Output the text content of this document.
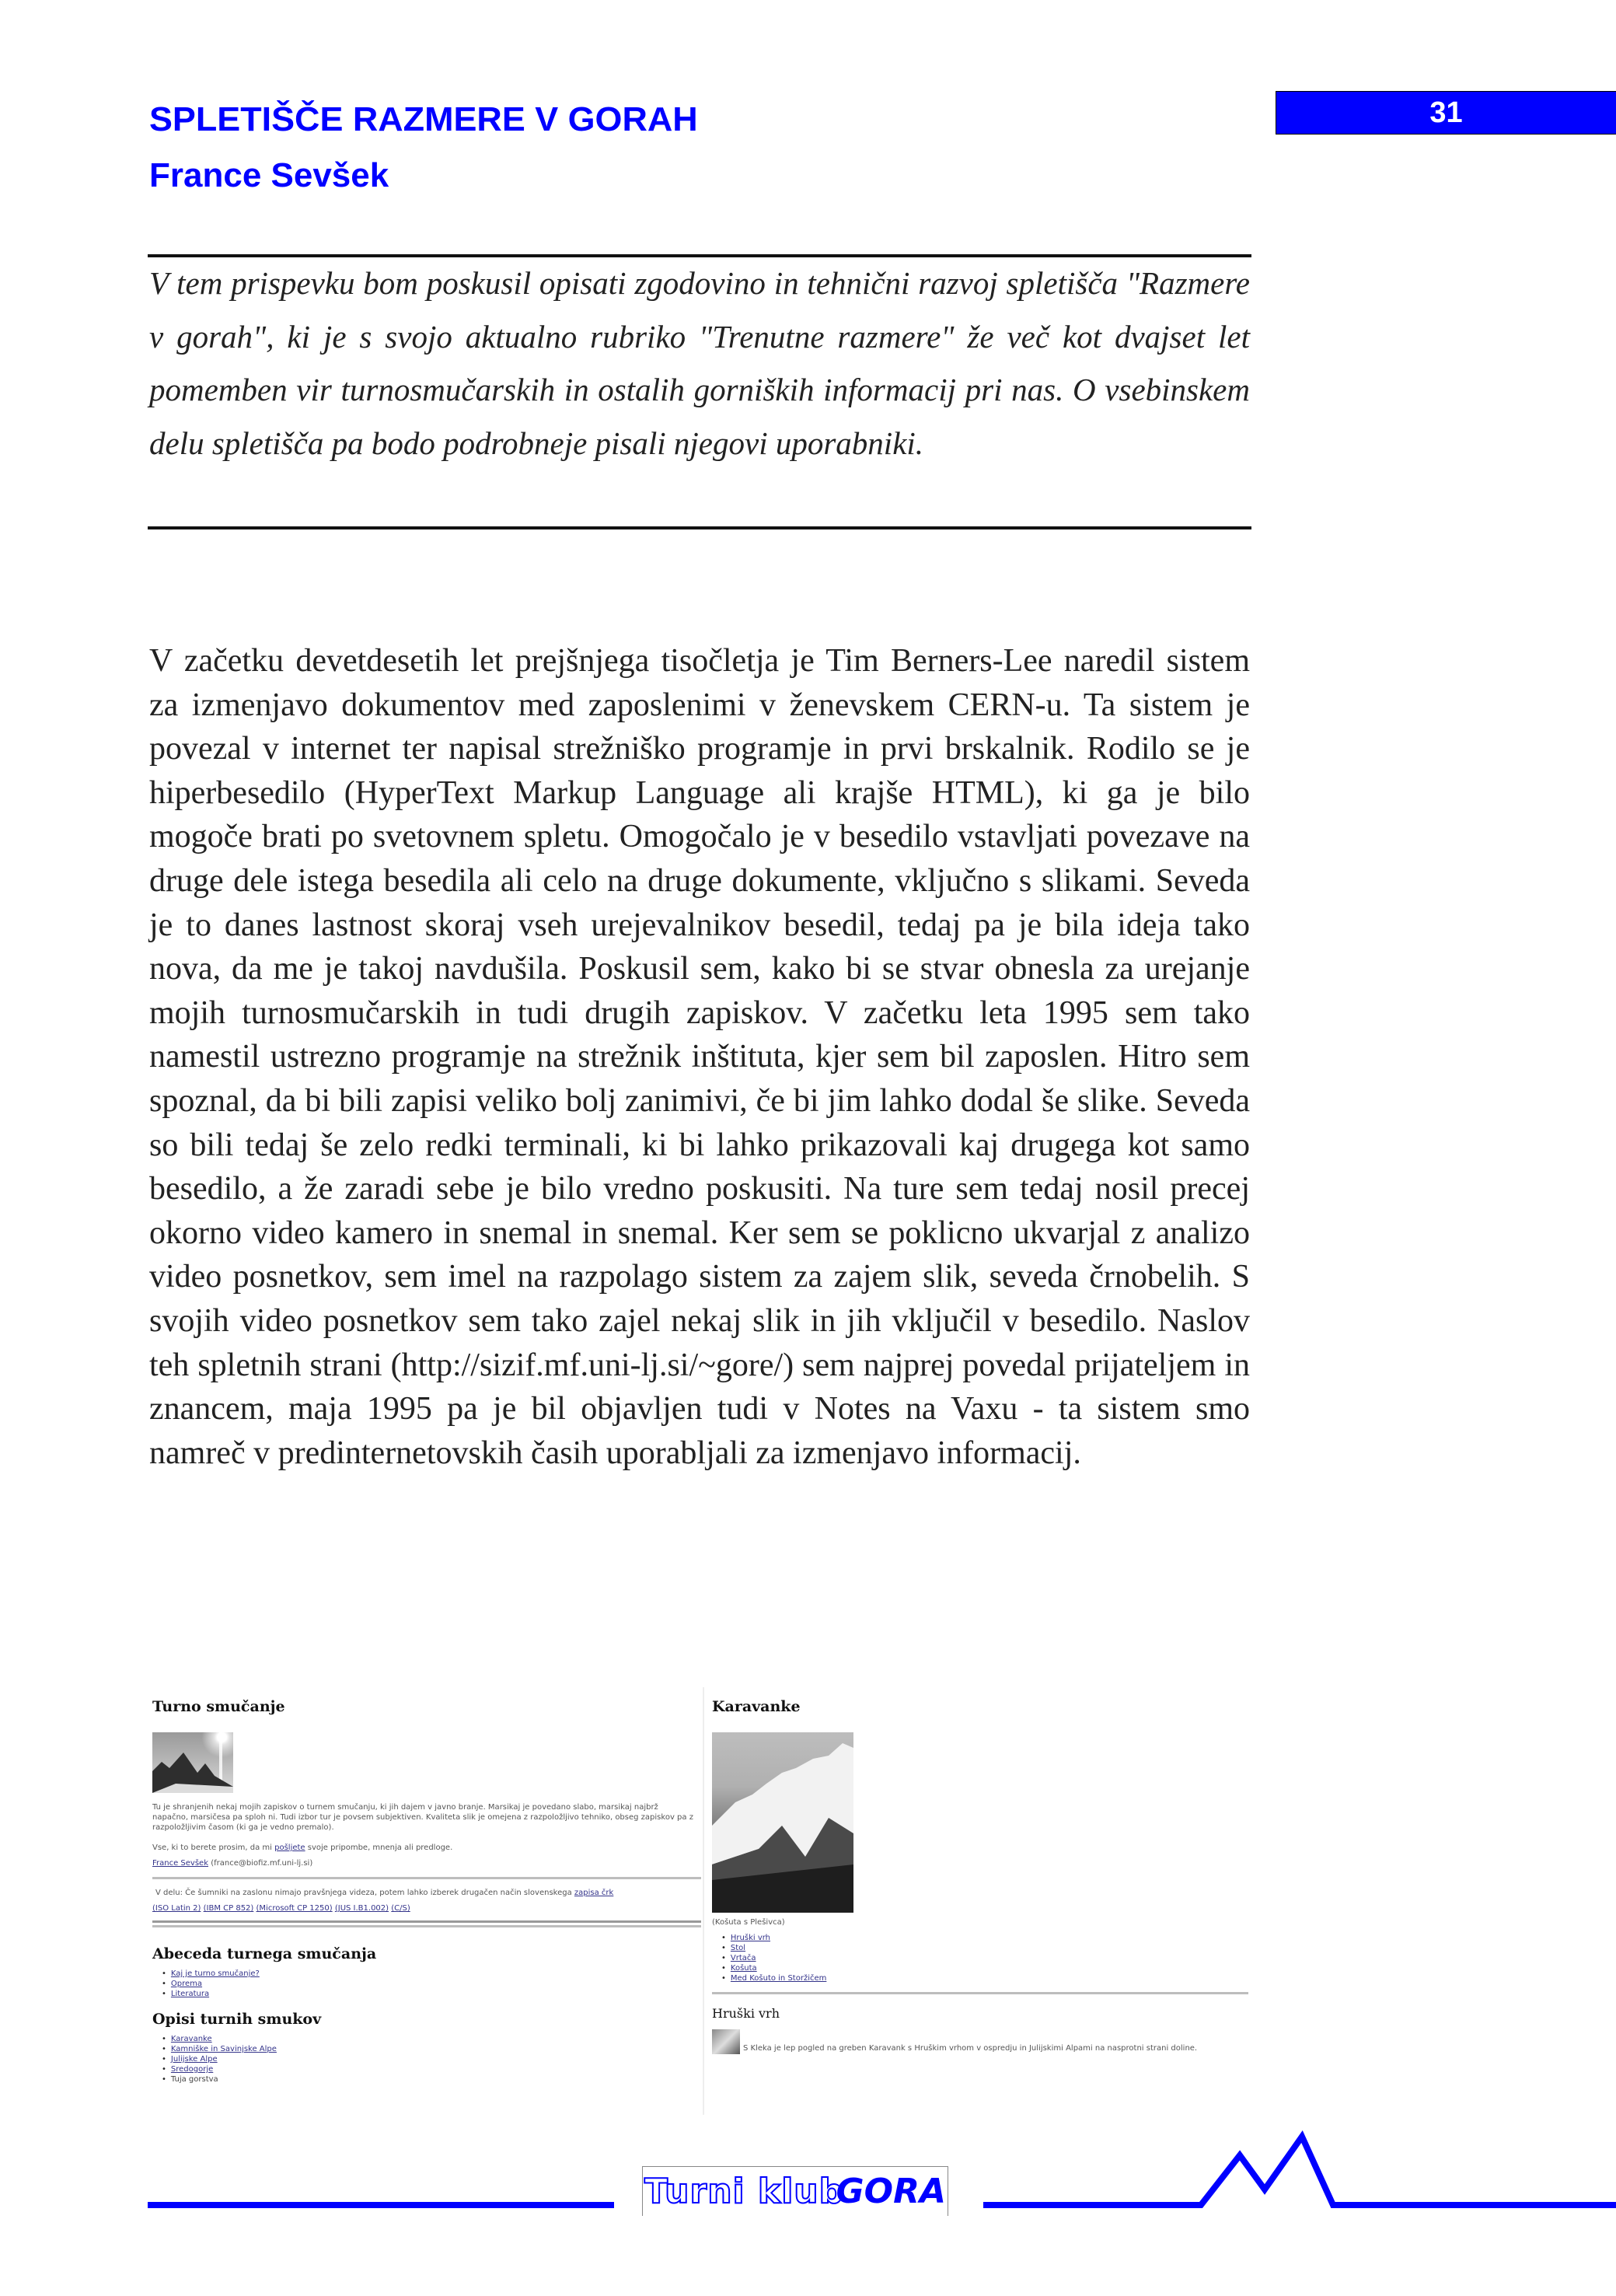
SPLETIŠČE RAZMERE V GORAH
France Sevšek
31
V tem prispevku bom poskusil opisati zgodovino in tehnični razvoj spletišča "Razmere v gorah", ki je s svojo aktualno rubriko "Trenutne razmere" že več kot dvajset let pomemben vir turnosmučarskih in ostalih gorniških informacij pri nas. O vsebinskem delu spletišča pa bodo podrobneje pisali njegovi uporabniki.
V začetku devetdesetih let prejšnjega tisočletja je Tim Berners-Lee naredil sistem za izmenjavo dokumentov med zaposlenimi v ženevskem CERN-u. Ta sistem je povezal v internet ter napisal strežniško programje in prvi brskalnik. Rodilo se je hiperbesedilo (HyperText Markup Language ali krajše HTML), ki ga je bilo mogoče brati po svetovnem spletu. Omogočalo je v besedilo vstavljati povezave na druge dele istega besedila ali celo na druge dokumente, vključno s slikami. Seveda je to danes lastnost skoraj vseh urejevalnikov besedil, tedaj pa je bila ideja tako nova, da me je takoj navdušila. Poskusil sem, kako bi se stvar obnesla za urejanje mojih turnosmučarskih in tudi drugih zapiskov. V začetku leta 1995 sem tako namestil ustrezno programje na strežnik inštituta, kjer sem bil zaposlen. Hitro sem spoznal, da bi bili zapisi veliko bolj zanimivi, če bi jim lahko dodal še slike. Seveda so bili tedaj še zelo redki terminali, ki bi lahko prikazovali kaj drugega kot samo besedilo, a že zaradi sebe je bilo vredno poskusiti. Na ture sem tedaj nosil precej okorno video kamero in snemal in snemal. Ker sem se poklicno ukvarjal z analizo video posnetkov, sem imel na razpolago sistem za zajem slik, seveda črnobelih. S svojih video posnetkov sem tako zajel nekaj slik in jih vključil v besedilo. Naslov teh spletnih strani (http://sizif.mf.uni-lj.si/~gore/) sem najprej povedal prijateljem in znancem, maja 1995 pa je bil objavljen tudi v Notes na Vaxu - ta sistem smo namreč v predinternetovskih časih uporabljali za izmenjavo informacij.
Turno smučanje
Tu je shranjenih nekaj mojih zapiskov o turnem smučanju, ki jih dajem v javno branje. Marsikaj je povedano slabo, marsikaj najbrž napačno, marsičesa pa sploh ni. Tudi izbor tur je povsem subjektiven. Kvaliteta slik je omejena z razpoložljivo tehniko, obseg zapiskov pa z razpoložljivim časom (ki ga je vedno premalo).
Vse, ki to berete prosim, da mi pošljete svoje pripombe, mnenja ali predloge.
France Sevšek (france@biofiz.mf.uni-lj.si)
V delu: Če šumniki na zaslonu nimajo pravšnjega videza, potem lahko izberek drugačen način slovenskega zapisa črk
(ISO Latin 2) (IBM CP 852) (Microsoft CP 1250) (JUS I.B1.002) (C/S)
Abeceda turnega smučanja
• Kaj je turno smučanje?
• Oprema
• Literatura
Opisi turnih smukov
• Karavanke
• Kamniške in Savinjske Alpe
• Julijske Alpe
• Sredogorje
• Tuja gorstva
Karavanke
(Košuta s Plešivca)
• Hruški vrh
• Stol
• Vrtača
• Košuta
• Med Košuto in Storžičem
Hruški vrh
S Kleka je lep pogled na greben Karavank s Hruškim vrhom v ospredju in Julijskimi Alpami na nasprotni strani doline.
Turni klub
GORA
